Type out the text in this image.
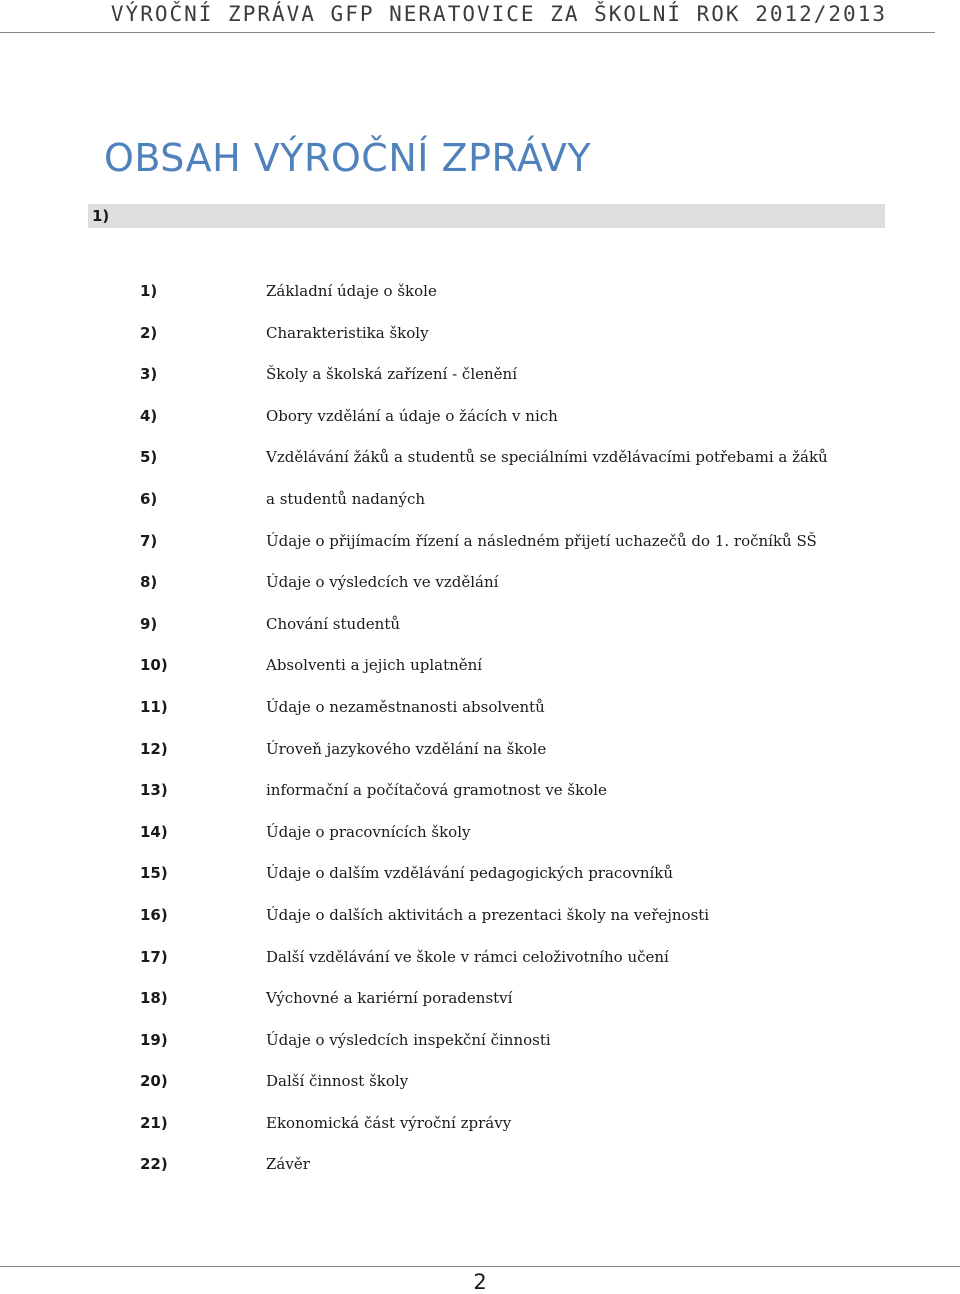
VÝROČNÍ ZPRÁVA GFP NERATOVICE ZA ŠKOLNÍ ROK 2012/2013
OBSAH VÝROČNÍ ZPRÁVY
1)
1)	Základní údaje o škole
2)	Charakteristika školy
3)	Školy a školská zařízení - členění
4)	Obory vzdělání a údaje o žácích v nich
5)	Vzdělávání žáků a studentů se speciálními vzdělávacími potřebami a žáků
6)	a studentů nadaných
7)	Údaje o přijímacím řízení a následném přijetí uchazečů do 1. ročníků SŠ
8)	Údaje o výsledcích ve vzdělání
9)	Chování studentů
10)	Absolventi a jejich uplatnění
11)	Údaje o nezaměstnanosti absolventů
12)	Úroveň jazykového vzdělání na škole
13)	informační a počítačová gramotnost ve škole
14)	Údaje o pracovnících školy
15)	Údaje o dalším vzdělávání pedagogických pracovníků
16)	Údaje o dalších aktivitách a prezentaci školy na veřejnosti
17)	Další vzdělávání ve škole v rámci celoživotního učení
18)	Výchovné a kariérní poradenství
19)	Údaje o výsledcích inspekční činnosti
20)	Další činnost školy
21)	Ekonomická část výroční zprávy
22)	Závěr
2
